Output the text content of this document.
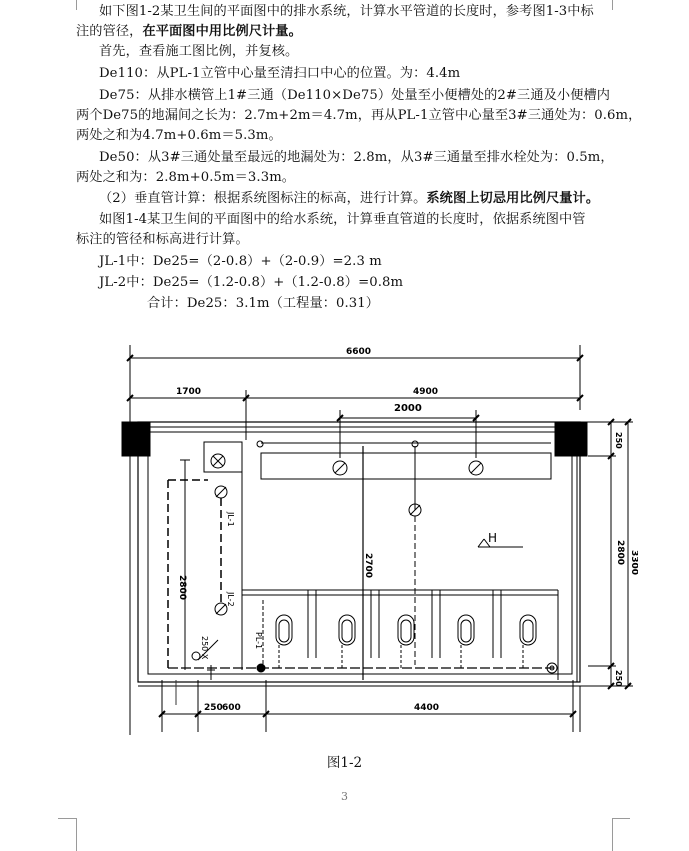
如下图1-2某卫生间的平面图中的排水系统，计算水平管道的长度时，参考图1-3中标
注的管径，在平面图中用比例尺计量。
首先，查看施工图比例，并复核。
De110：从PL-1立管中心量至清扫口中心的位置。为：4.4m
De75：从排水横管上1#三通（De110×De75）处量至小便槽处的2#三通及小便槽内
两个De75的地漏间之长为：2.7m+2m＝4.7m，再从PL-1立管中心量至3#三通处为：0.6m，
两处之和为4.7m+0.6m＝5.3m。
De50：从3#三通处量至最远的地漏处为：2.8m，从3#三通量至排水栓处为：0.5m，
两处之和为：2.8m+0.5m＝3.3m。
（2）垂直管计算：根据系统图标注的标高，进行计算。系统图上切忌用比例尺量计。
如图1-4某卫生间的平面图中的给水系统，计算垂直管道的长度时，依据系统图中管
标注的管径和标高进行计算。
JL-1中：De25=（2-0.8）+（2-0.9）=2.3 m
JL-2中：De25=（1.2-0.8）+（1.2-0.8）=0.8m
合计：De25：3.1m（工程量：0.31）
6600
1700	4900
2000
2800
2700
2800 3300
250
250
250 600	4400
H
JL-1
JL-2
PL-1
250 X
图1-2
3
